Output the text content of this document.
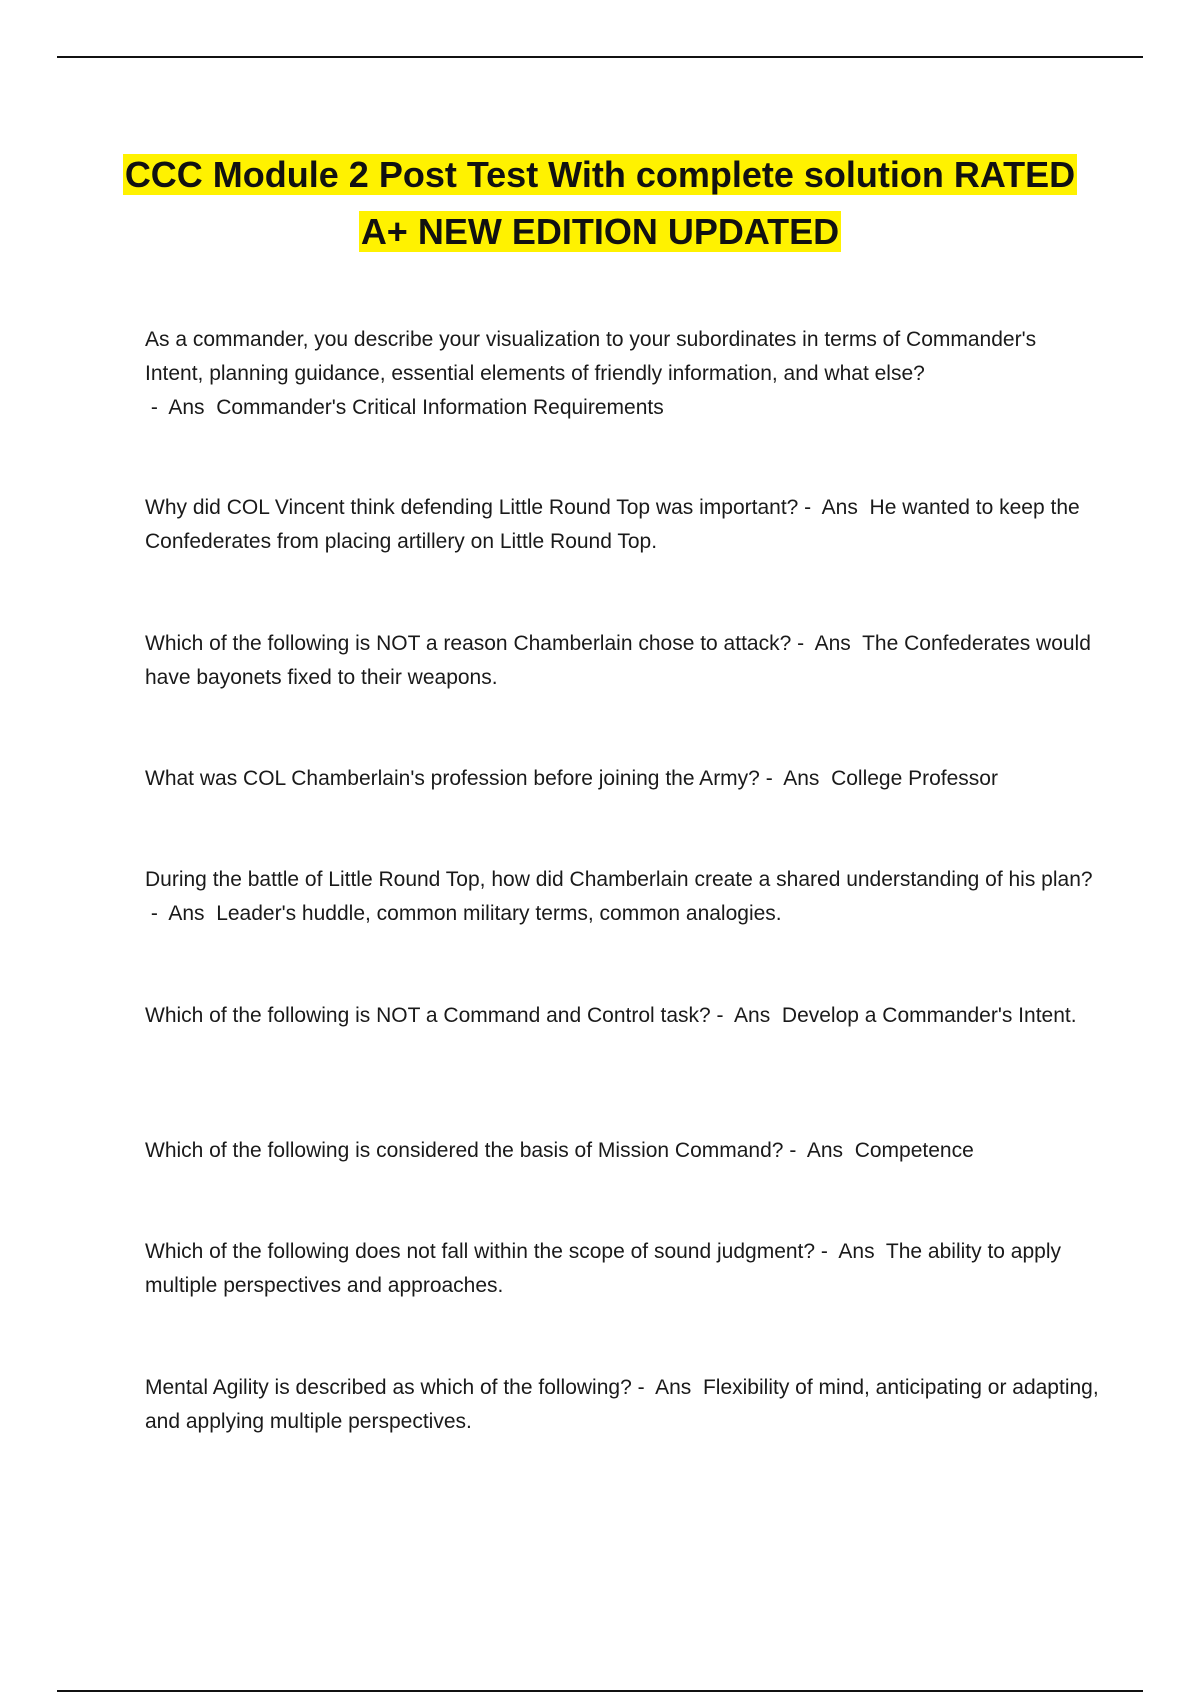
CCC Module 2 Post Test With complete solution RATED
A+ NEW EDITION UPDATED

As a commander, you describe your visualization to your subordinates in terms of Commander's Intent, planning guidance, essential elements of friendly information, and what else? -  Ans  Commander's Critical Information Requirements

Why did COL Vincent think defending Little Round Top was important? -  Ans  He wanted to keep the Confederates from placing artillery on Little Round Top.

Which of the following is NOT a reason Chamberlain chose to attack? -  Ans  The Confederates would have bayonets fixed to their weapons.

What was COL Chamberlain's profession before joining the Army? -  Ans  College Professor

During the battle of Little Round Top, how did Chamberlain create a shared understanding of his plan? -  Ans  Leader's huddle, common military terms, common analogies.

Which of the following is NOT a Command and Control task? -  Ans  Develop a Commander's Intent.

Which of the following is considered the basis of Mission Command? -  Ans  Competence

Which of the following does not fall within the scope of sound judgment? -  Ans  The ability to apply multiple perspectives and approaches.

Mental Agility is described as which of the following? -  Ans  Flexibility of mind, anticipating or adapting, and applying multiple perspectives.
